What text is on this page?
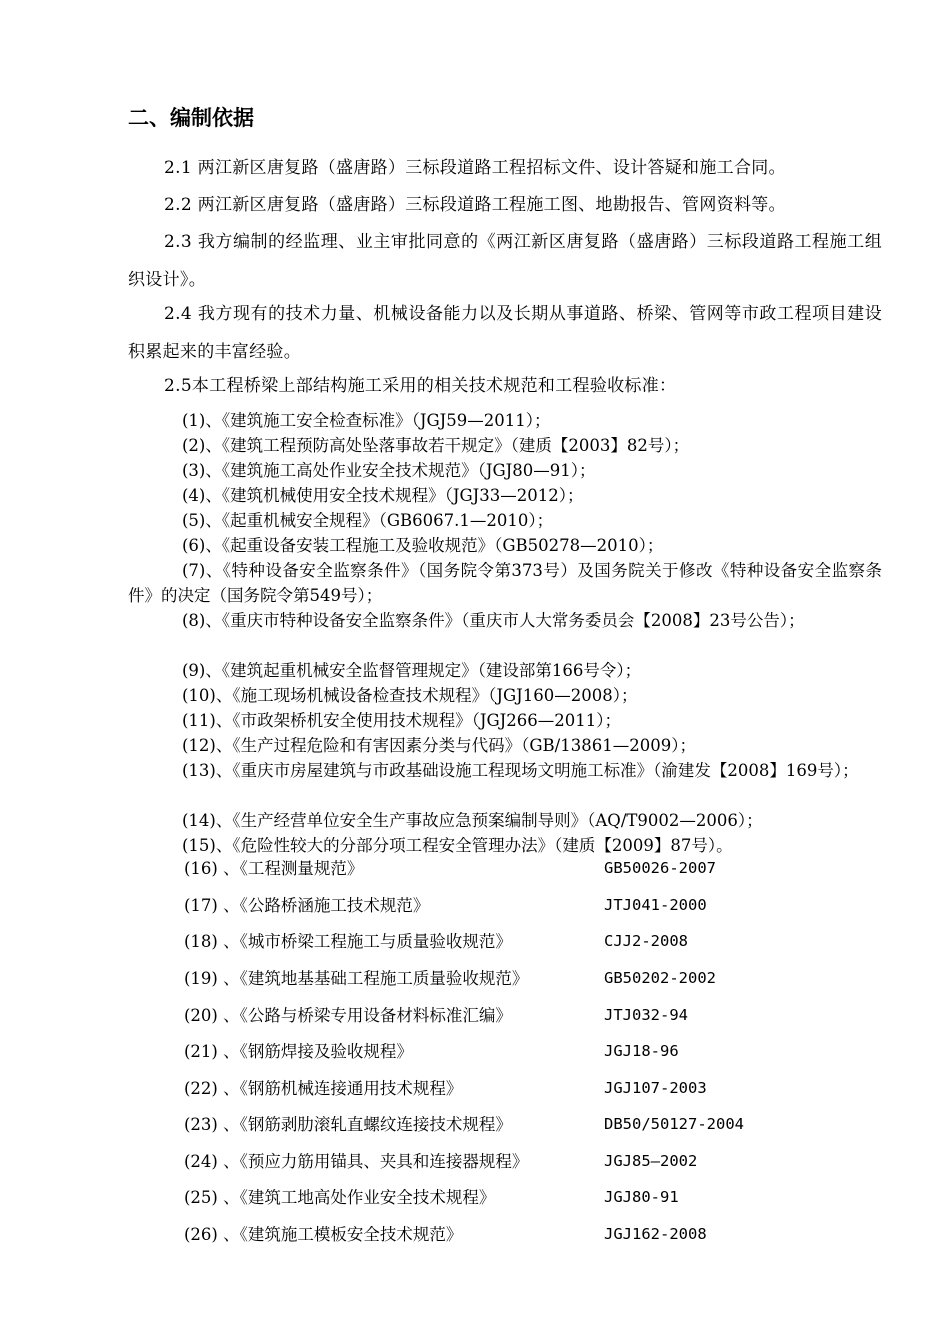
二、编制依据
2.1 两江新区唐复路（盛唐路）三标段道路工程招标文件、设计答疑和施工合同。
2.2 两江新区唐复路（盛唐路）三标段道路工程施工图、地勘报告、管网资料等。
2.3 我方编制的经监理、业主审批同意的《两江新区唐复路（盛唐路）三标段道路工程施工组织设计》。
2.4 我方现有的技术力量、机械设备能力以及长期从事道路、桥梁、管网等市政工程项目建设积累起来的丰富经验。
2.5本工程桥梁上部结构施工采用的相关技术规范和工程验收标准：
(1)、《建筑施工安全检查标准》（JGJ59—2011）；
(2)、《建筑工程预防高处坠落事故若干规定》（建质【2003】82号）；
(3)、《建筑施工高处作业安全技术规范》（JGJ80—91）；
(4)、《建筑机械使用安全技术规程》（JGJ33—2012）；
(5)、《起重机械安全规程》（GB6067.1—2010）；
(6)、《起重设备安装工程施工及验收规范》（GB50278—2010）；
(7)、《特种设备安全监察条件》（国务院令第373号）及国务院关于修改《特种设备安全监察条件》的决定（国务院令第549号）；
(8)、《重庆市特种设备安全监察条件》（重庆市人大常务委员会【2008】23号公告）；
(9)、《建筑起重机械安全监督管理规定》（建设部第166号令）；
(10)、《施工现场机械设备检查技术规程》（JGJ160—2008）；
(11)、《市政架桥机安全使用技术规程》（JGJ266—2011）；
(12)、《生产过程危险和有害因素分类与代码》（GB/13861—2009）；
(13)、《重庆市房屋建筑与市政基础设施工程现场文明施工标准》（渝建发【2008】169号）；
(14)、《生产经营单位安全生产事故应急预案编制导则》（AQ/T9002—2006）；
(15)、《危险性较大的分部分项工程安全管理办法》（建质【2009】87号）。
(16) 、《工程测量规范》	GB50026-2007
(17) 、《公路桥涵施工技术规范》	JTJ041-2000
(18) 、《城市桥梁工程施工与质量验收规范》	CJJ2-2008
(19) 、《建筑地基基础工程施工质量验收规范》	GB50202-2002
(20) 、《公路与桥梁专用设备材料标准汇编》	JTJ032-94
(21) 、《钢筋焊接及验收规程》	JGJ18-96
(22) 、《钢筋机械连接通用技术规程》	JGJ107-2003
(23) 、《钢筋剥肋滚轧直螺纹连接技术规程》	DB50/50127-2004
(24) 、《预应力筋用锚具、夹具和连接器规程》	JGJ85—2002
(25) 、《建筑工地高处作业安全技术规程》	JGJ80-91
(26) 、《建筑施工模板安全技术规范》	JGJ162-2008
